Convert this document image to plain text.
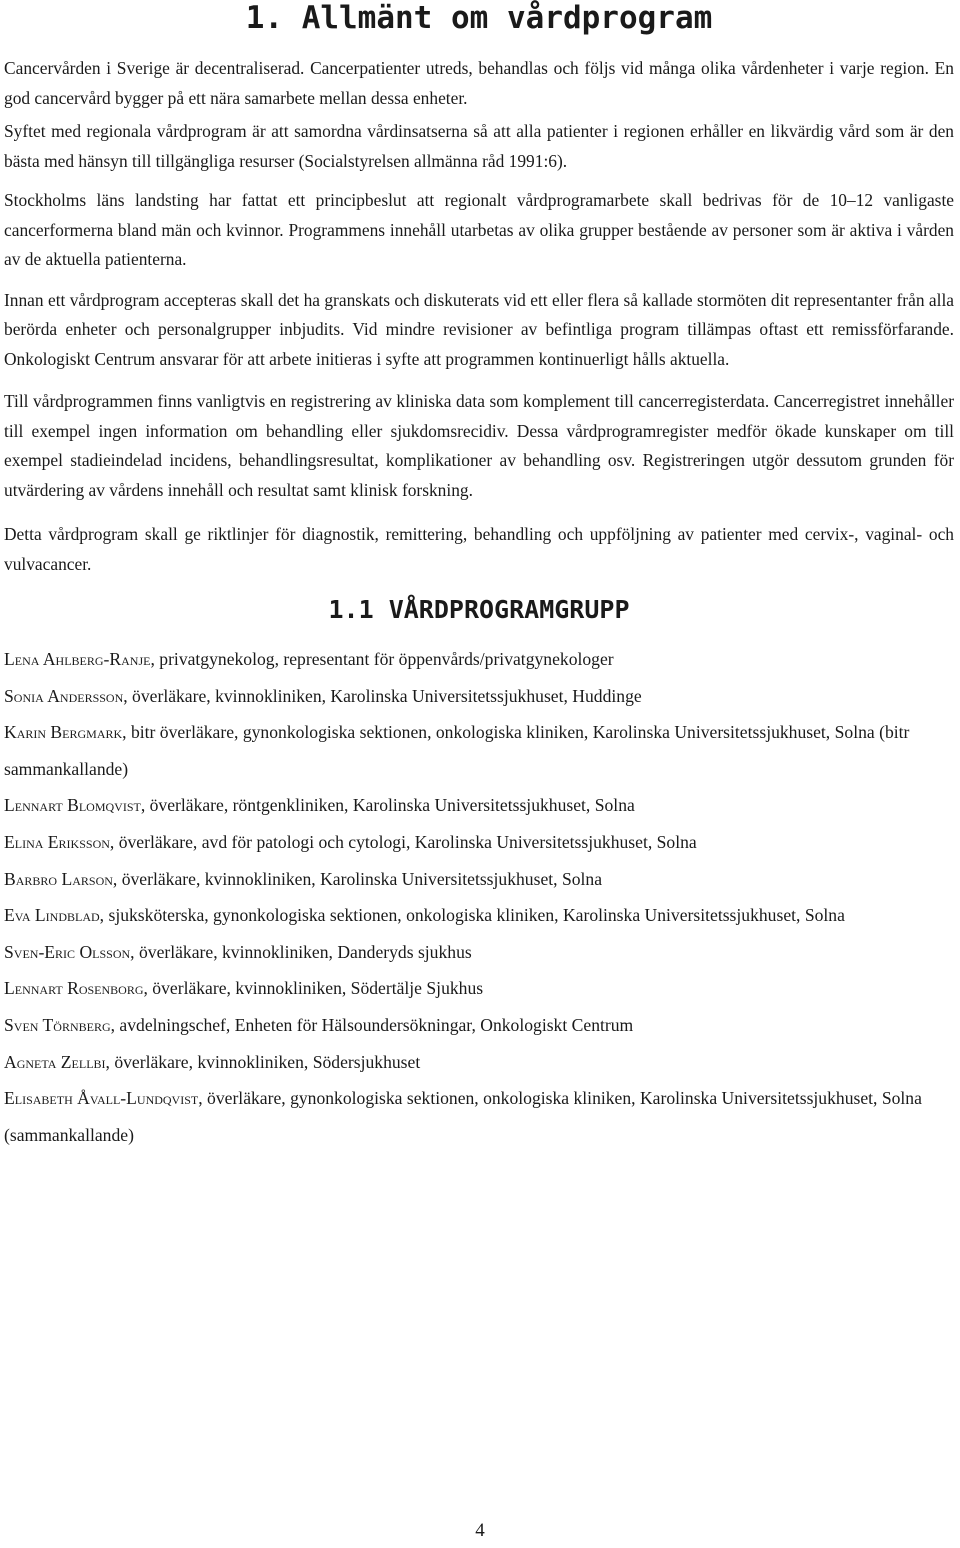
1. Allmänt om vårdprogram

Cancervården i Sverige är decentraliserad. Cancerpatienter utreds, behandlas och följs vid många olika vårdenheter i varje region. En god cancervård bygger på ett nära samarbete mellan dessa enheter.

Syftet med regionala vårdprogram är att samordna vårdinsatserna så att alla patienter i regionen erhåller en likvärdig vård som är den bästa med hänsyn till tillgängliga resurser (Socialstyrelsen allmänna råd 1991:6).

Stockholms läns landsting har fattat ett principbeslut att regionalt vårdprogramarbete skall bedrivas för de 10–12 vanligaste cancerformerna bland män och kvinnor. Programmens innehåll utarbetas av olika grupper bestående av personer som är aktiva i vården av de aktuella patienterna.

Innan ett vårdprogram accepteras skall det ha granskats och diskuterats vid ett eller flera så kallade stormöten dit representanter från alla berörda enheter och personalgrupper inbjudits. Vid mindre revisioner av befintliga program tillämpas oftast ett remissförfarande. Onkologiskt Centrum ansvarar för att arbete initieras i syfte att programmen kontinuerligt hålls aktuella.

Till vårdprogrammen finns vanligtvis en registrering av kliniska data som komplement till cancerregisterdata. Cancerregistret innehåller till exempel ingen information om behandling eller sjukdomsrecidiv. Dessa vårdprogramregister medför ökade kunskaper om till exempel stadieindelad incidens, behandlingsresultat, komplikationer av behandling osv. Registreringen utgör dessutom grunden för utvärdering av vårdens innehåll och resultat samt klinisk forskning.

Detta vårdprogram skall ge riktlinjer för diagnostik, remittering, behandling och uppföljning av patienter med cervix-, vaginal- och vulvacancer.

1.1 VÅRDPROGRAMGRUPP
Lena Ahlberg-Ranje, privatgynekolog, representant för öppenvårds/privatgynekologer
Sonia Andersson, överläkare, kvinnokliniken, Karolinska Universitetssjukhuset, Huddinge
Karin Bergmark, bitr överläkare, gynonkologiska sektionen, onkologiska kliniken, Karolinska Universitetssjukhuset, Solna (bitr sammankallande)
Lennart Blomqvist, överläkare, röntgenkliniken, Karolinska Universitetssjukhuset, Solna
Elina Eriksson, överläkare, avd för patologi och cytologi, Karolinska Universitetssjukhuset, Solna
Barbro Larson, överläkare, kvinnokliniken, Karolinska Universitetssjukhuset, Solna
Eva Lindblad, sjuksköterska, gynonkologiska sektionen, onkologiska kliniken, Karolinska Universitetssjukhuset, Solna
Sven-Eric Olsson, överläkare, kvinnokliniken, Danderyds sjukhus
Lennart Rosenborg, överläkare, kvinnokliniken, Södertälje Sjukhus
Sven Törnberg, avdelningschef, Enheten för Hälsoundersökningar, Onkologiskt Centrum
Agneta Zellbi, överläkare, kvinnokliniken, Södersjukhuset
Elisabeth Åvall-Lundqvist, överläkare, gynonkologiska sektionen, onkologiska kliniken, Karolinska Universitetssjukhuset, Solna (sammankallande)
4
